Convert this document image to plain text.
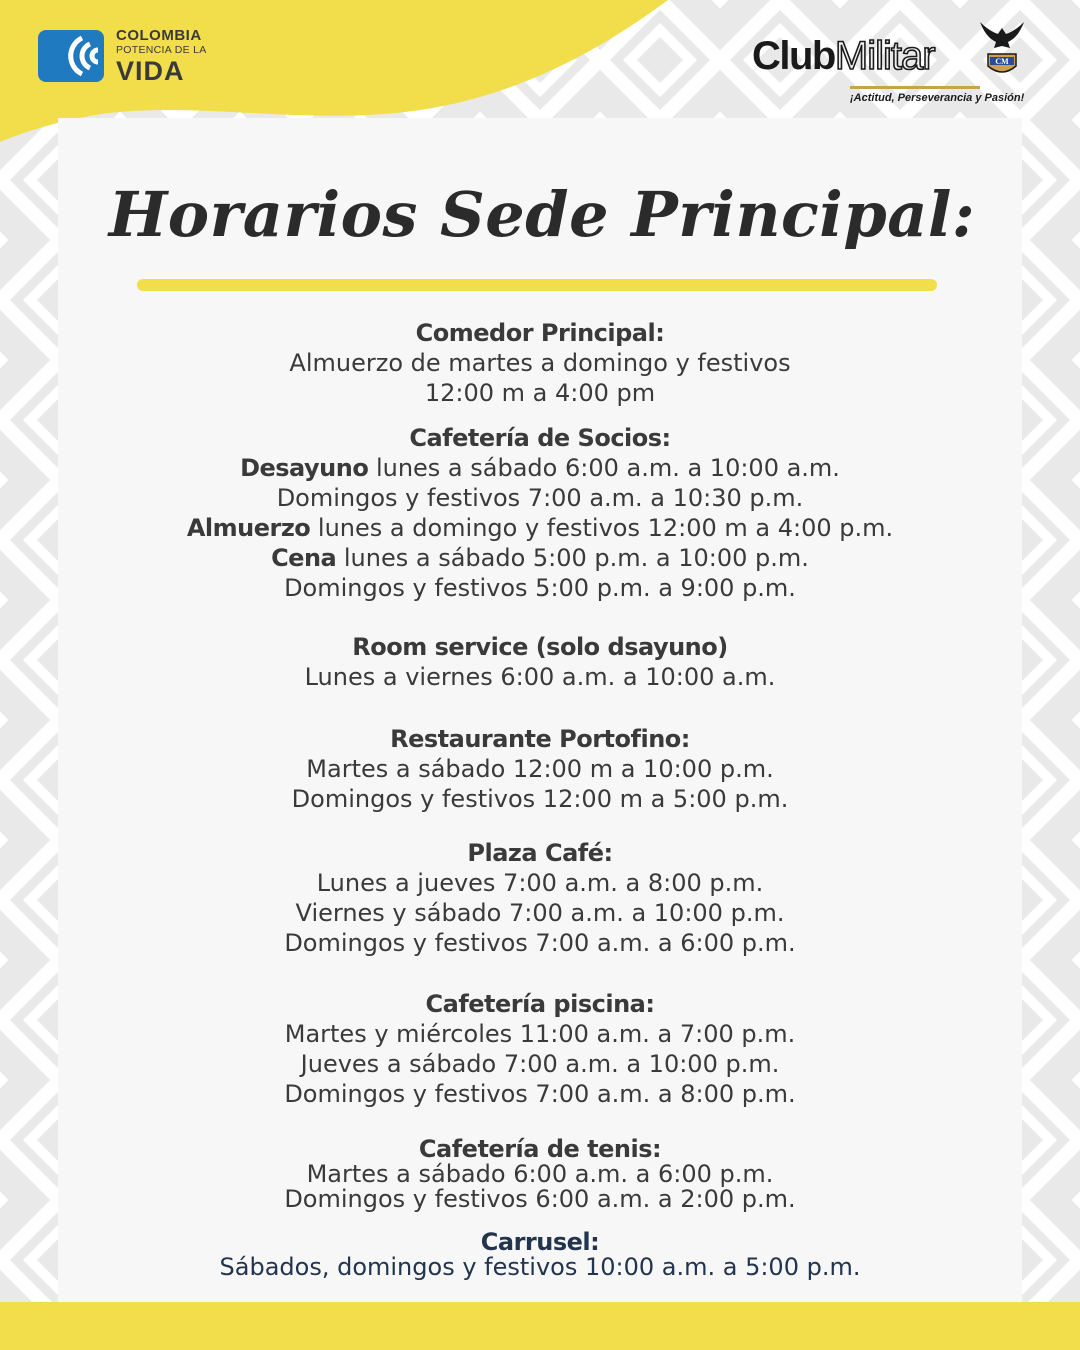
COLOMBIA
POTENCIA DE LA
VIDA	ClubMilitar
¡Actitud, Perseverancia y Pasión!
CM
Horarios Sede Principal:
Comedor Principal:
Almuerzo de martes a domingo y festivos
12:00 m a 4:00 pm
Cafetería de Socios:
Desayuno lunes a sábado 6:00 a.m. a 10:00 a.m.
Domingos y festivos 7:00 a.m. a 10:30 p.m.
Almuerzo lunes a domingo y festivos 12:00 m a 4:00 p.m.
Cena lunes a sábado 5:00 p.m. a 10:00 p.m.
Domingos y festivos 5:00 p.m. a 9:00 p.m.
Room service (solo dsayuno)
Lunes a viernes 6:00 a.m. a 10:00 a.m.
Restaurante Portofino:
Martes a sábado 12:00 m a 10:00 p.m.
Domingos y festivos 12:00 m a 5:00 p.m.
Plaza Café:
Lunes a jueves 7:00 a.m. a 8:00 p.m.
Viernes y sábado 7:00 a.m. a 10:00 p.m.
Domingos y festivos 7:00 a.m. a 6:00 p.m.
Cafetería piscina:
Martes y miércoles 11:00 a.m. a 7:00 p.m.
Jueves a sábado 7:00 a.m. a 10:00 p.m.
Domingos y festivos 7:00 a.m. a 8:00 p.m.
Cafetería de tenis:
Martes a sábado 6:00 a.m. a 6:00 p.m.
Domingos y festivos 6:00 a.m. a 2:00 p.m.
Carrusel:
Sábados, domingos y festivos 10:00 a.m. a 5:00 p.m.
